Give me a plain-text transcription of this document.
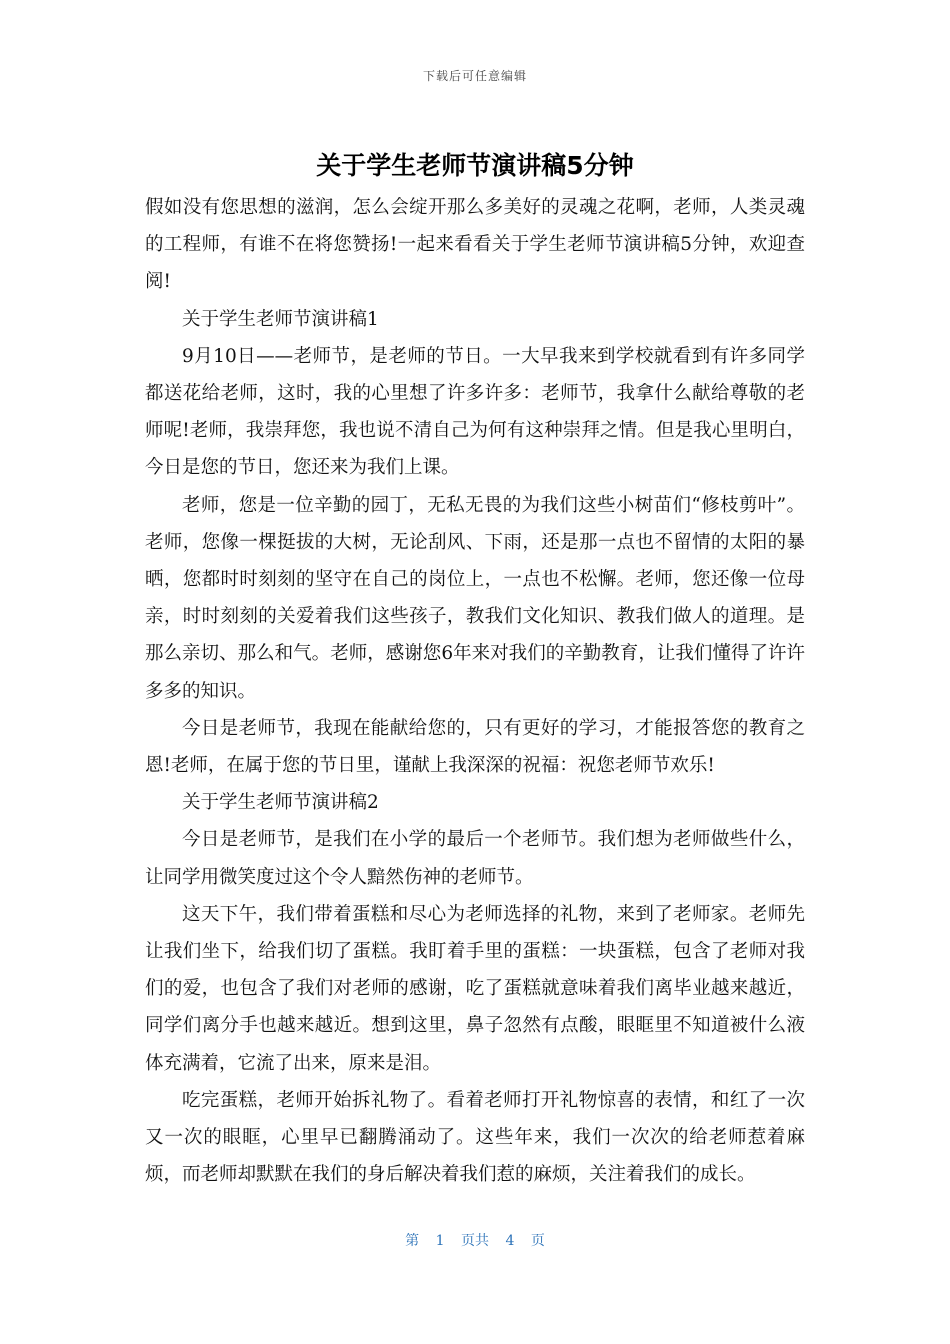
下载后可任意编辑
关于学生老师节演讲稿5分钟

假如没有您思想的滋润，怎么会绽开那么多美好的灵魂之花啊，老师，人类灵魂的工程师，有谁不在将您赞扬!一起来看看关于学生老师节演讲稿5分钟，欢迎查阅!

关于学生老师节演讲稿1

9月10日——老师节，是老师的节日。一大早我来到学校就看到有许多同学都送花给老师，这时，我的心里想了许多许多：老师节，我拿什么献给尊敬的老师呢!老师，我崇拜您，我也说不清自己为何有这种崇拜之情。但是我心里明白，今日是您的节日，您还来为我们上课。

老师，您是一位辛勤的园丁，无私无畏的为我们这些小树苗们“修枝剪叶”。老师，您像一棵挺拔的大树，无论刮风、下雨，还是那一点也不留情的太阳的暴晒，您都时时刻刻的坚守在自己的岗位上，一点也不松懈。老师，您还像一位母亲，时时刻刻的关爱着我们这些孩子，教我们文化知识、教我们做人的道理。是那么亲切、那么和气。老师，感谢您6年来对我们的辛勤教育，让我们懂得了许许多多的知识。

今日是老师节，我现在能献给您的，只有更好的学习，才能报答您的教育之恩!老师，在属于您的节日里，谨献上我深深的祝福：祝您老师节欢乐!

关于学生老师节演讲稿2

今日是老师节，是我们在小学的最后一个老师节。我们想为老师做些什么，让同学用微笑度过这个令人黯然伤神的老师节。

这天下午，我们带着蛋糕和尽心为老师选择的礼物，来到了老师家。老师先让我们坐下，给我们切了蛋糕。我盯着手里的蛋糕：一块蛋糕，包含了老师对我们的爱，也包含了我们对老师的感谢，吃了蛋糕就意味着我们离毕业越来越近，同学们离分手也越来越近。想到这里，鼻子忽然有点酸，眼眶里不知道被什么液体充满着，它流了出来，原来是泪。

吃完蛋糕，老师开始拆礼物了。看着老师打开礼物惊喜的表情，和红了一次又一次的眼眶，心里早已翻腾涌动了。这些年来，我们一次次的给老师惹着麻烦，而老师却默默在我们的身后解决着我们惹的麻烦，关注着我们的成长。

第 1 页共 4 页
